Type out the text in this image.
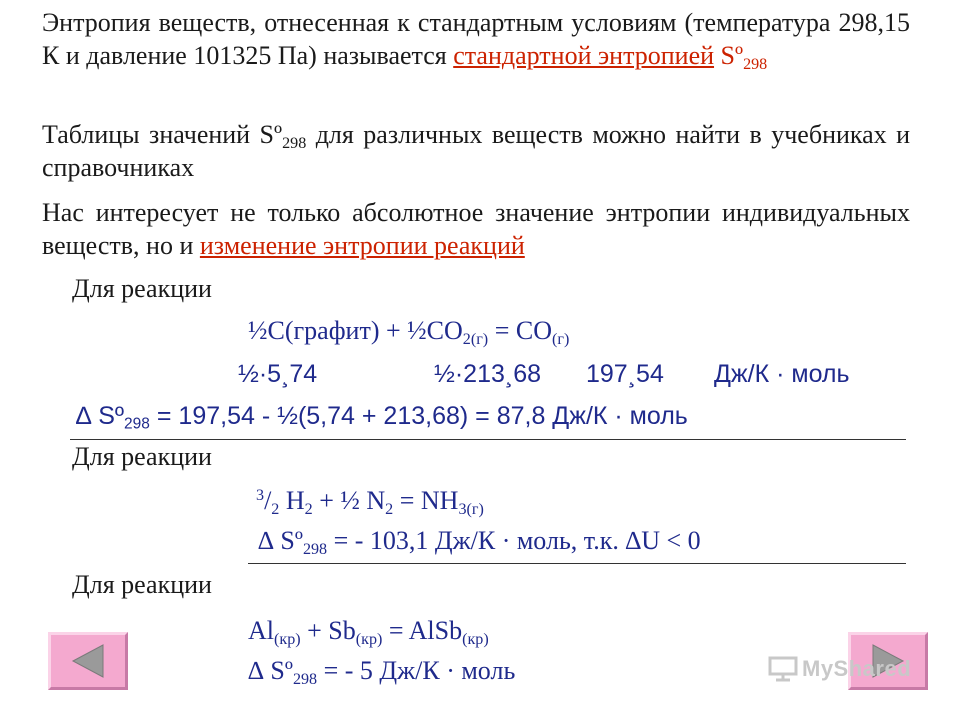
Энтропия веществ, отнесенная к стандартным условиям (температура 298,15 К и давление 101325 Па) называется стандартной энтропией Sº$_{298}$
Таблицы значений Sº$_{298}$ для различных веществ можно найти в учебниках и справочниках
Нас интересует не только абсолютное значение энтропии индивидуальных веществ, но и изменение энтропии реакций
Для реакции
½С(графит) + $\frac{1}{2}СО_{2(г)} = СО_{(г)}$
½·5¸74	½·213¸68 197¸54 Дж/К · моль
∆ Sº$_{298}$ = 197,54 - ½(5,74 + 213,68) = 87,8 Дж/К · моль
Для реакции
$^3/_2$ $H_2$ + ½ $N_2 = NH_{3(г)}$
∆ Sº$_{298}$ = - 103,1 Дж/К · моль, т.к. ∆U < 0
Для реакции
$Al_{(кр)} + Sb_{(кр)}$ = AlSb$_{(кр)}$
∆ Sº$_{298}$ = - 5 Дж/К · моль	MyShared
